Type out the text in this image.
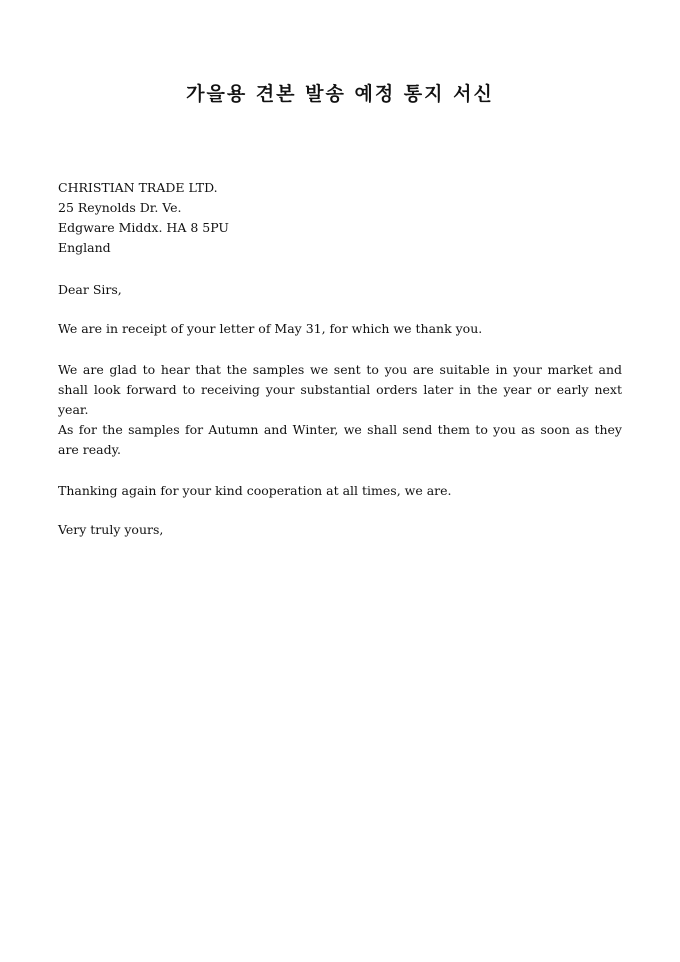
가을용 견본 발송 예정 통지 서신
CHRISTIAN TRADE LTD.
25 Reynolds Dr. Ve.
Edgware Middx. HA 8 5PU
England

Dear Sirs,

We are in receipt of your letter of May 31, for which we thank you.

We are glad to hear that the samples we sent to you are suitable in your market and shall look forward to receiving your substantial orders later in the year or early next year.

As for the samples for Autumn and Winter, we shall send them to you as soon as they are ready.

Thanking again for your kind cooperation at all times, we are.

Very truly yours,
